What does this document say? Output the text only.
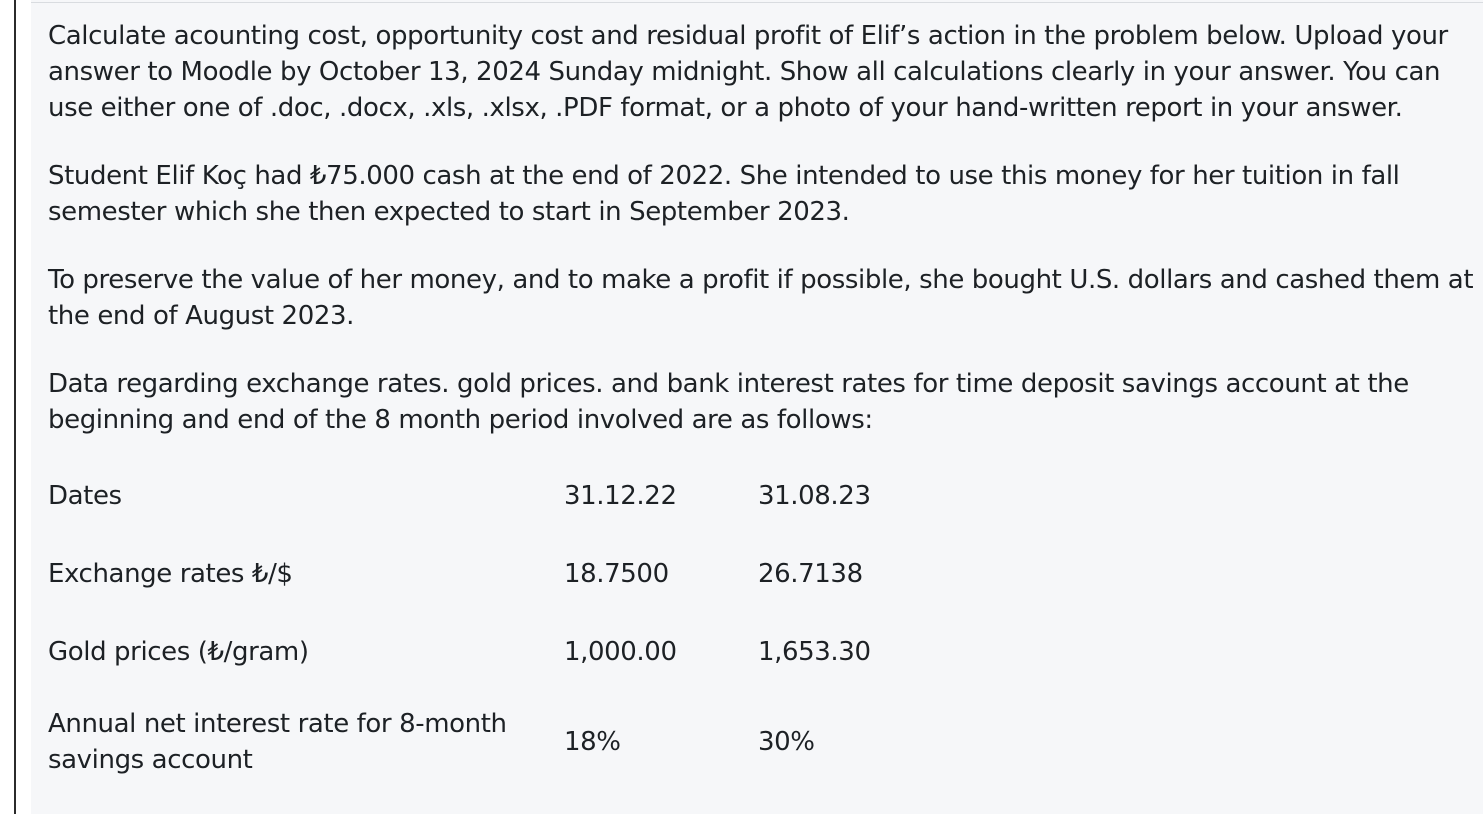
Calculate acounting cost, opportunity cost and residual profit of Elif’s action in the problem below. Upload your
answer to Moodle by October 13, 2024 Sunday midnight. Show all calculations clearly in your answer. You can
use either one of .doc, .docx, .xls, .xlsx, .PDF format, or a photo of your hand-written report in your answer.

Student Elif Koç had ₺75.000 cash at the end of 2022. She intended to use this money for her tuition in fall
semester which she then expected to start in September 2023.

To preserve the value of her money, and to make a profit if possible, she bought U.S. dollars and cashed them at
the end of August 2023.

Data regarding exchange rates. gold prices. and bank interest rates for time deposit savings account at the
beginning and end of the 8 month period involved are as follows:

Dates	31.12.22	31.08.23
Exchange rates ₺/$	18.7500	26.7138
Gold prices (₺/gram)	1,000.00	1,653.30
Annual net interest rate for 8-month
savings account	18%	30%
